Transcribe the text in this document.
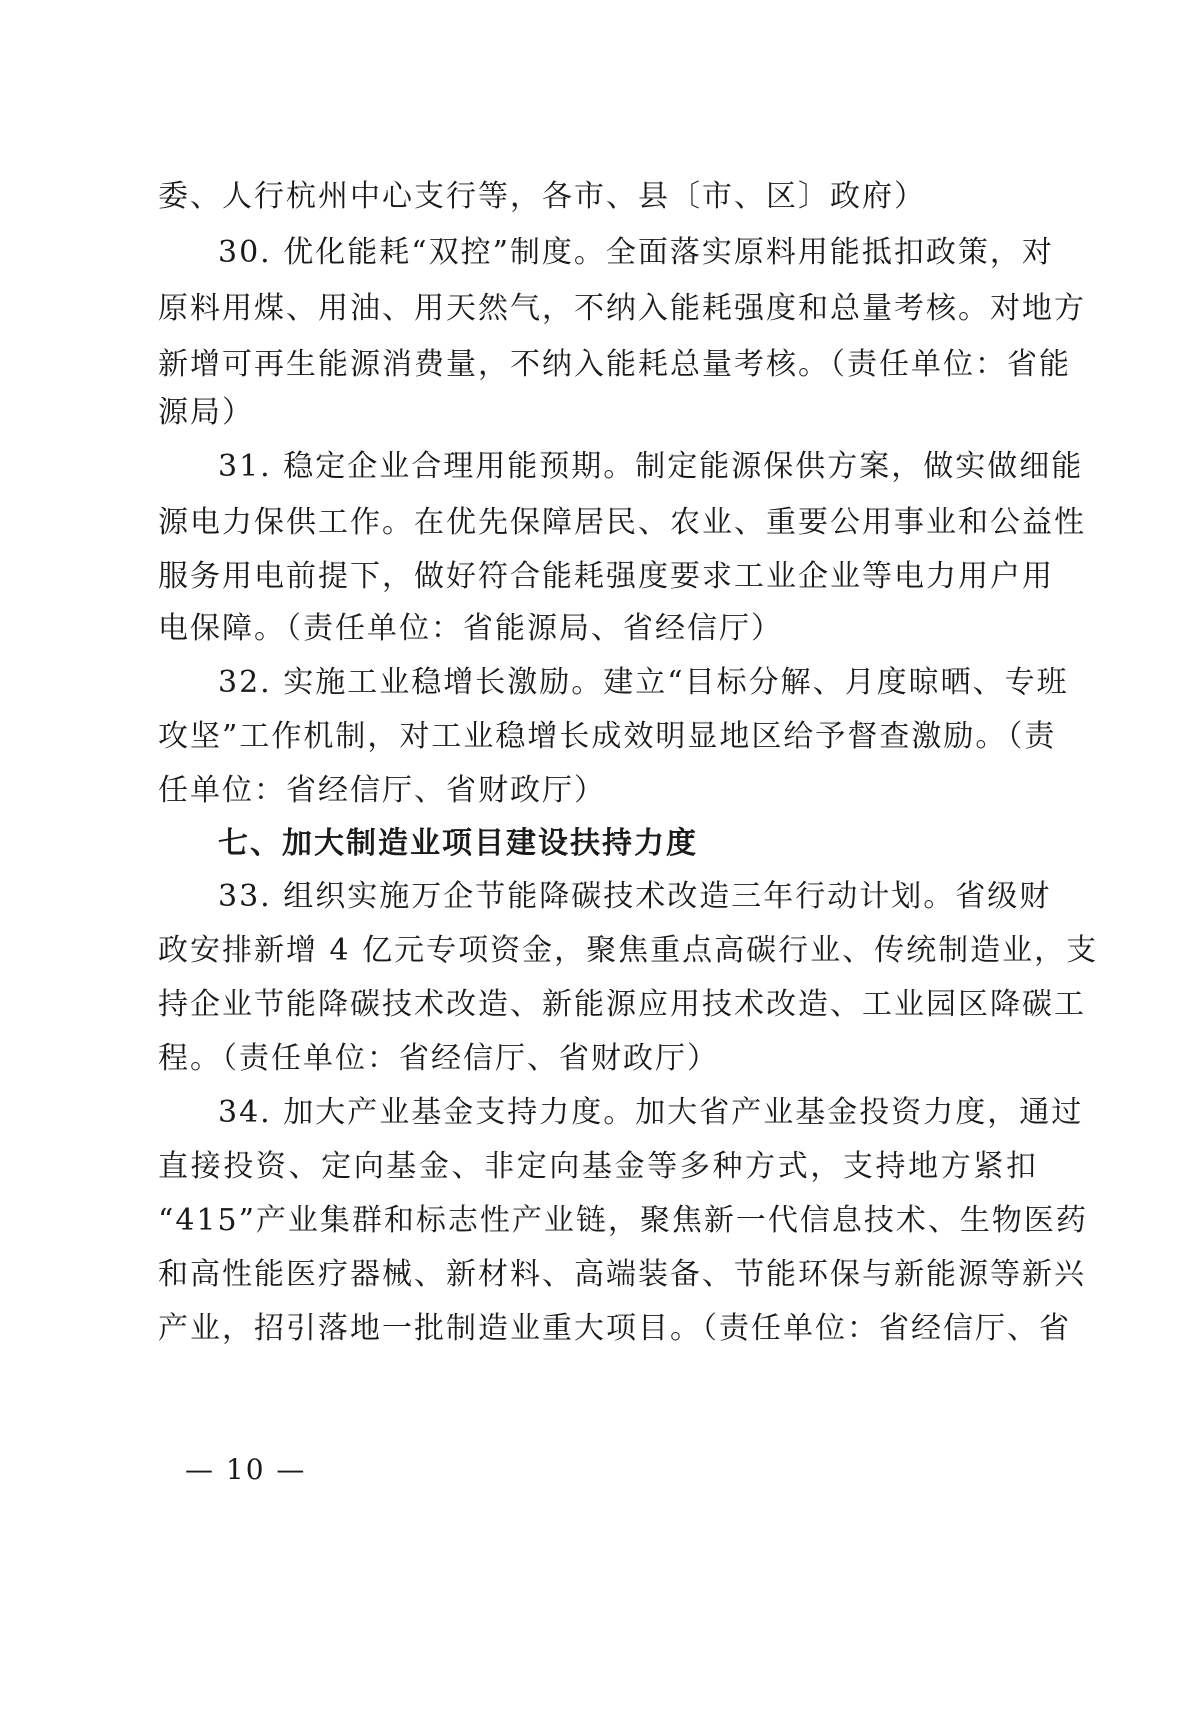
委、人行杭州中心支行等，各市、县〔市、区〕政府）
30. 优化能耗“双控”制度。全面落实原料用能抵扣政策，对
原料用煤、用油、用天然气，不纳入能耗强度和总量考核。对地方
新增可再生能源消费量，不纳入能耗总量考核。（责任单位：省能
源局）
31. 稳定企业合理用能预期。制定能源保供方案，做实做细能
源电力保供工作。在优先保障居民、农业、重要公用事业和公益性
服务用电前提下，做好符合能耗强度要求工业企业等电力用户用
电保障。（责任单位：省能源局、省经信厅）
32. 实施工业稳增长激励。建立“目标分解、月度晾晒、专班
攻坚”工作机制，对工业稳增长成效明显地区给予督查激励。（责
任单位：省经信厅、省财政厅）
七、加大制造业项目建设扶持力度
33. 组织实施万企节能降碳技术改造三年行动计划。省级财
政安排新增 4 亿元专项资金，聚焦重点高碳行业、传统制造业，支
持企业节能降碳技术改造、新能源应用技术改造、工业园区降碳工
程。（责任单位：省经信厅、省财政厅）
34. 加大产业基金支持力度。加大省产业基金投资力度，通过
直接投资、定向基金、非定向基金等多种方式，支持地方紧扣
“415”产业集群和标志性产业链，聚焦新一代信息技术、生物医药
和高性能医疗器械、新材料、高端装备、节能环保与新能源等新兴
产业，招引落地一批制造业重大项目。（责任单位：省经信厅、省
— 10 —
